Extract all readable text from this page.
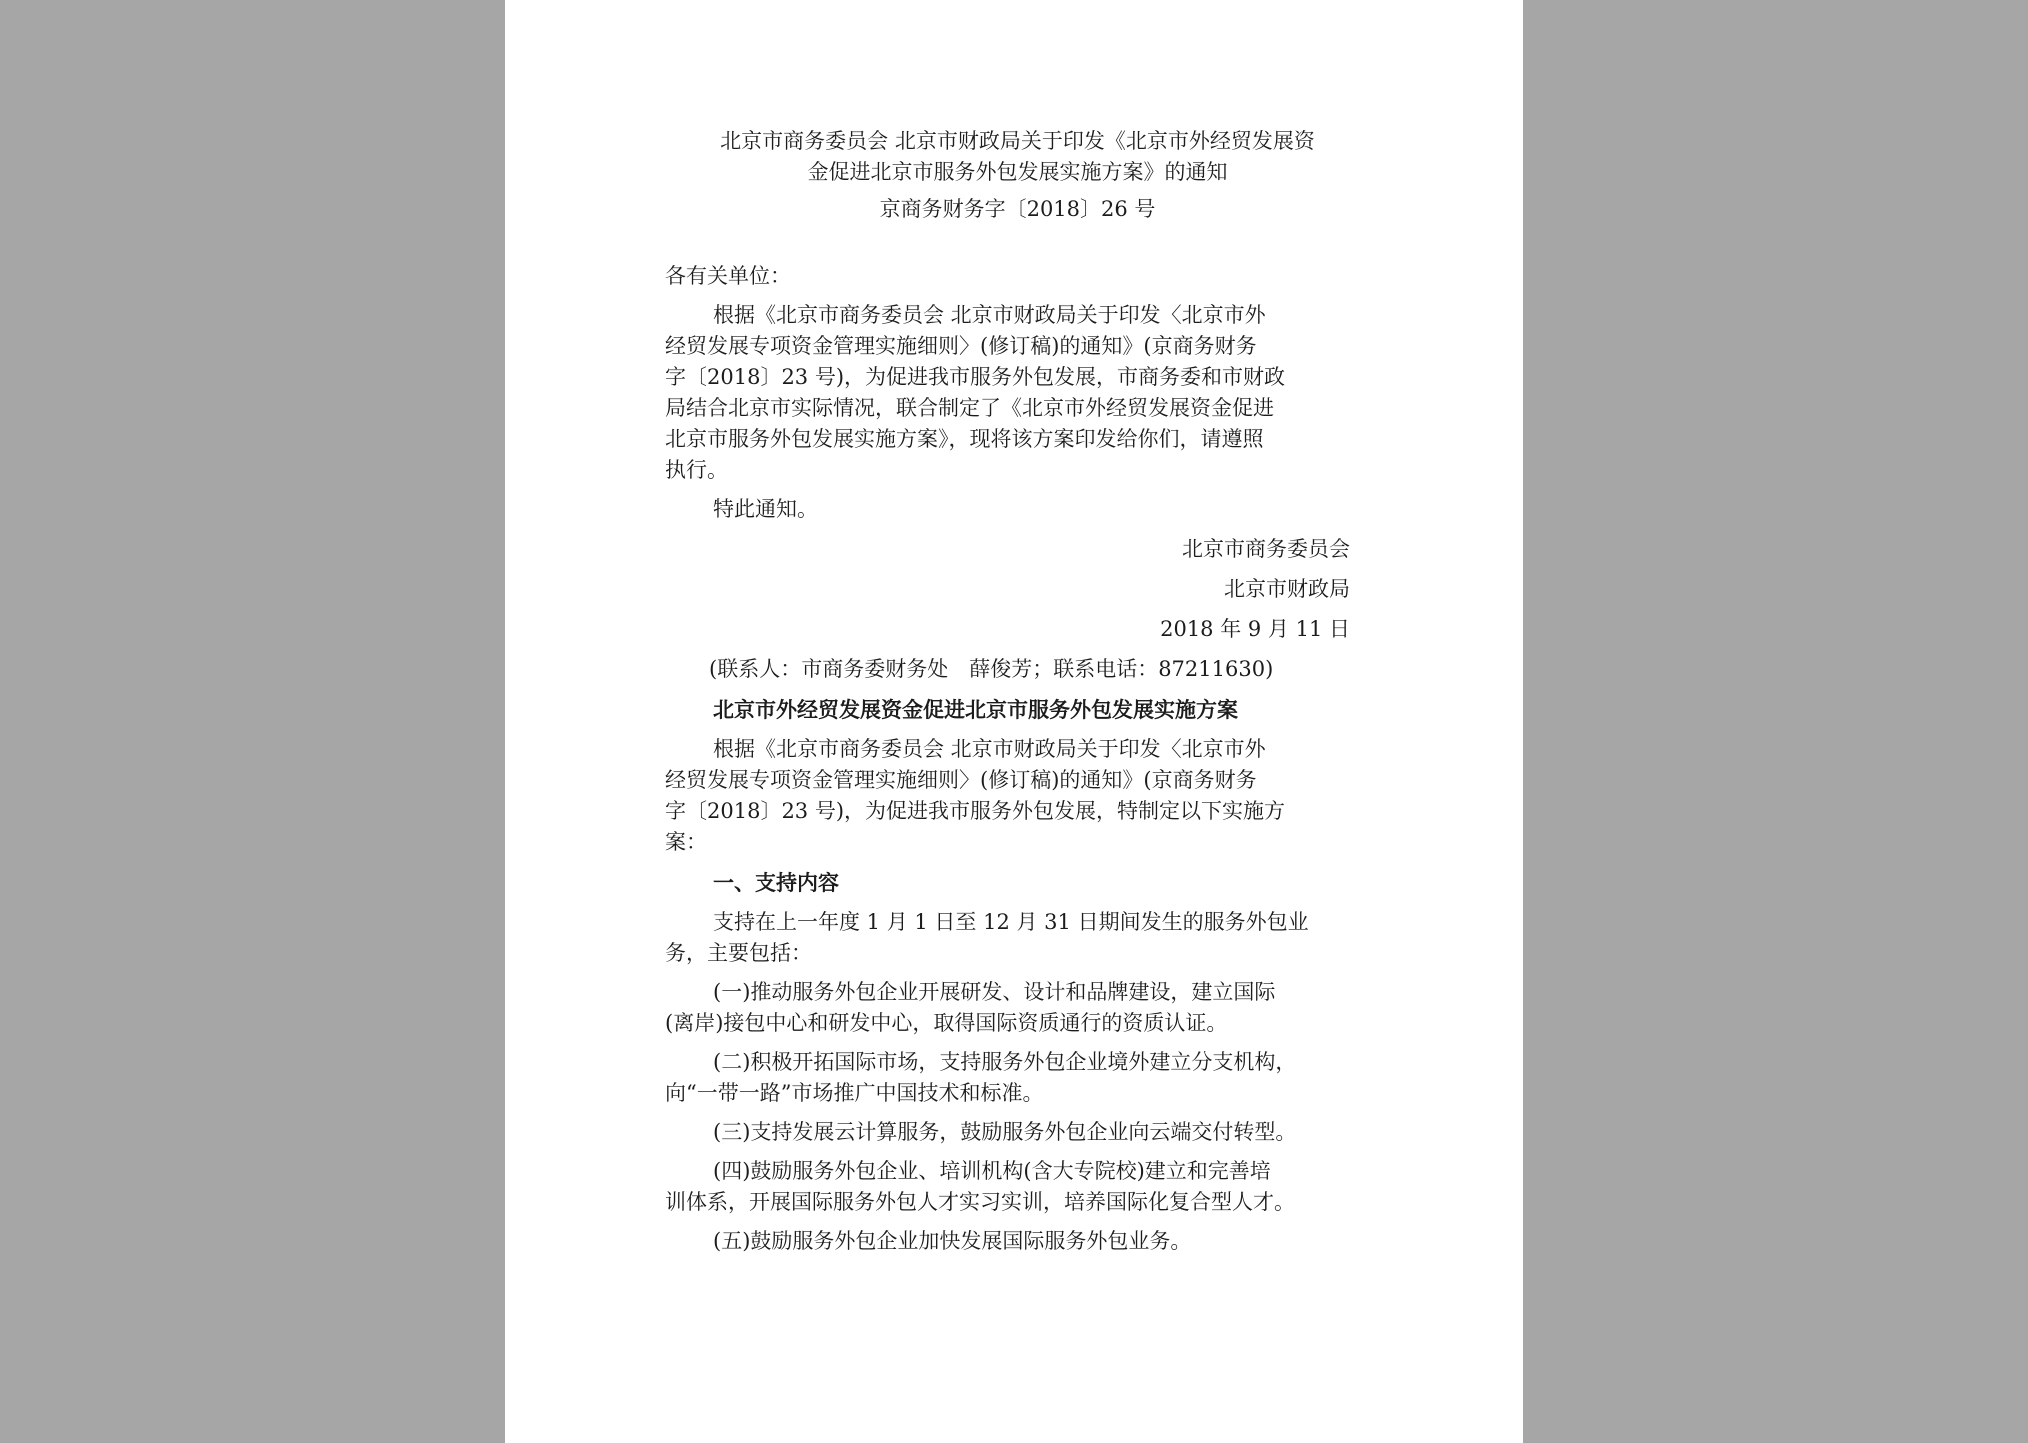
北京市商务委员会 北京市财政局关于印发《北京市外经贸发展资

金促进北京市服务外包发展实施方案》的通知

京商务财务字〔2018〕26 号

各有关单位：

根据《北京市商务委员会 北京市财政局关于印发〈北京市外

经贸发展专项资金管理实施细则〉(修订稿)的通知》(京商务财务

字〔2018〕23 号)，为促进我市服务外包发展，市商务委和市财政

局结合北京市实际情况，联合制定了《北京市外经贸发展资金促进

北京市服务外包发展实施方案》，现将该方案印发给你们，请遵照

执行。

特此通知。

北京市商务委员会

北京市财政局

2018 年 9 月 11 日

(联系人：市商务委财务处　薛俊芳；联系电话：87211630)

北京市外经贸发展资金促进北京市服务外包发展实施方案

根据《北京市商务委员会 北京市财政局关于印发〈北京市外

经贸发展专项资金管理实施细则〉(修订稿)的通知》(京商务财务

字〔2018〕23 号)，为促进我市服务外包发展，特制定以下实施方

案：

一、支持内容

支持在上一年度 1 月 1 日至 12 月 31 日期间发生的服务外包业

务，主要包括：

(一)推动服务外包企业开展研发、设计和品牌建设，建立国际

(离岸)接包中心和研发中心，取得国际资质通行的资质认证。

(二)积极开拓国际市场，支持服务外包企业境外建立分支机构，

向“一带一路”市场推广中国技术和标准。

(三)支持发展云计算服务，鼓励服务外包企业向云端交付转型。

(四)鼓励服务外包企业、培训机构(含大专院校)建立和完善培

训体系，开展国际服务外包人才实习实训，培养国际化复合型人才。

(五)鼓励服务外包企业加快发展国际服务外包业务。
